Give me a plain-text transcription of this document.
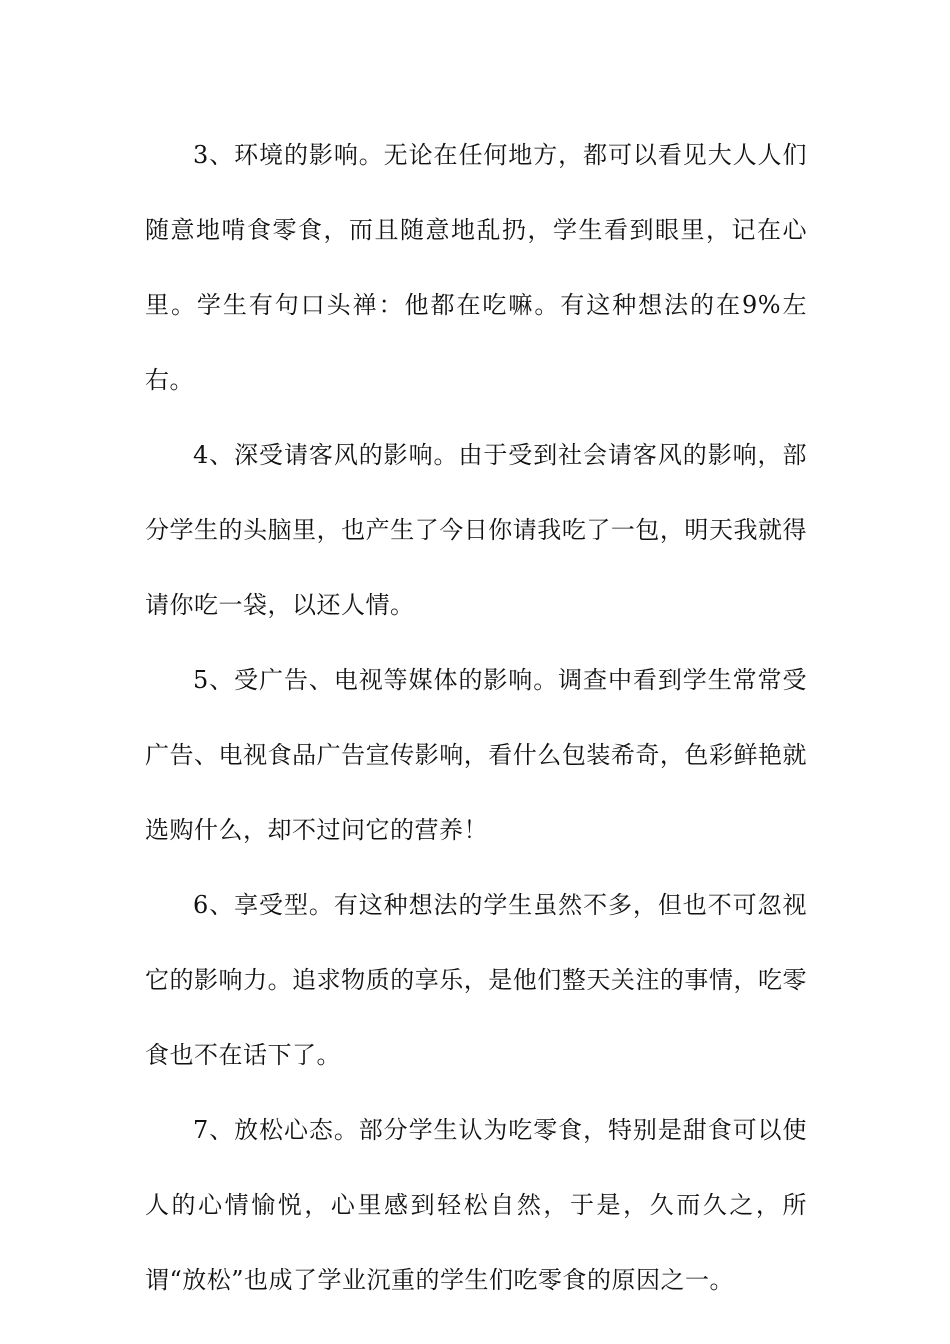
3、环境的影响。无论在任何地方，都可以看见大人人们随意地啃食零食，而且随意地乱扔，学生看到眼里，记在心里。学生有句口头禅：他都在吃嘛。有这种想法的在9%左右。

4、深受请客风的影响。由于受到社会请客风的影响，部分学生的头脑里，也产生了今日你请我吃了一包，明天我就得请你吃一袋，以还人情。

5、受广告、电视等媒体的影响。调查中看到学生常常受广告、电视食品广告宣传影响，看什么包装希奇，色彩鲜艳就选购什么，却不过问它的营养！

6、享受型。有这种想法的学生虽然不多，但也不可忽视它的影响力。追求物质的享乐，是他们整天关注的事情，吃零食也不在话下了。

7、放松心态。部分学生认为吃零食，特别是甜食可以使人的心情愉悦，心里感到轻松自然，于是，久而久之，所谓“放松”也成了学业沉重的学生们吃零食的原因之一。
